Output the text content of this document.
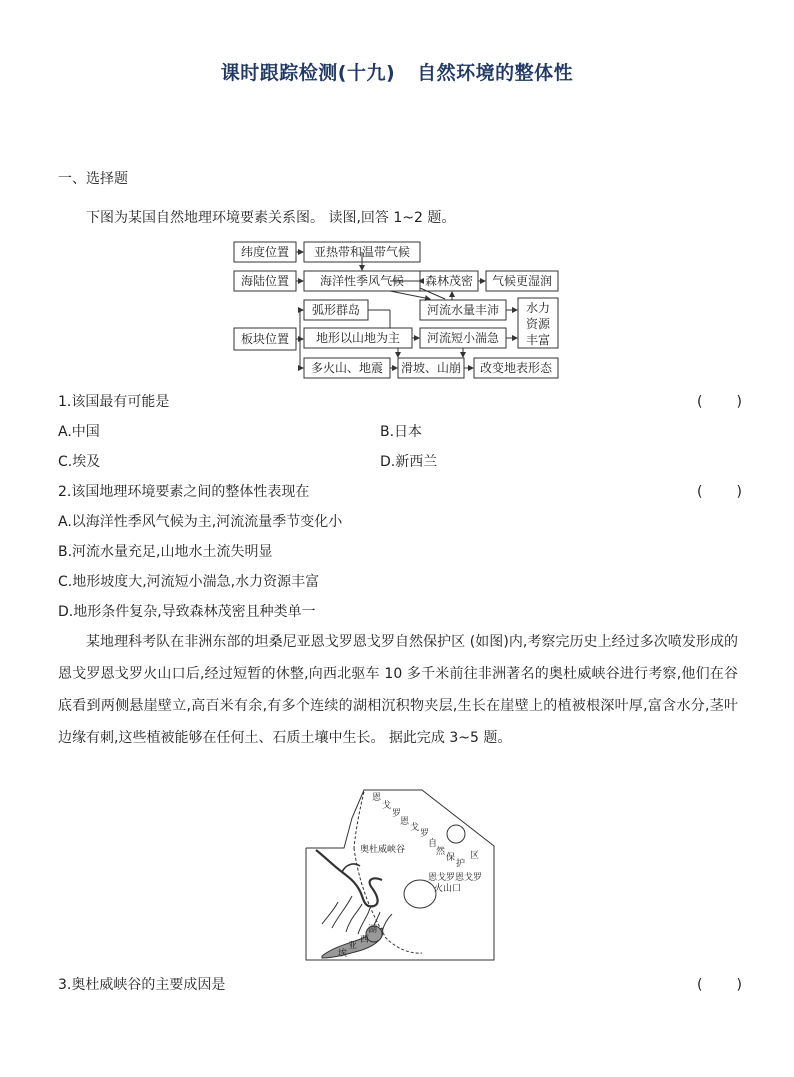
课时跟踪检测(十九) 自然环境的整体性
一、选择题
下图为某国自然地理环境要素关系图。 读图,回答 1~2 题。
纬度位置 亚热带和温带气候
海陆位置	海洋性季风气候 森林茂密 气候更湿润
弧形群岛	河流水量丰沛 水力
资源
丰富
板块位置 地形以山地为主 河流短小湍急
多火山、地震 滑坡、山崩 改变地表形态
1.该国最有可能是	(　　)
A.中国	B.日本
C.埃及	D.新西兰
2.该国地理环境要素之间的整体性表现在	(　　)
A.以海洋性季风气候为主,河流流量季节变化小
B.河流水量充足,山地水土流失明显
C.地形坡度大,河流短小湍急,水力资源丰富
D.地形条件复杂,导致森林茂密且种类单一
某地理科考队在非洲东部的坦桑尼亚恩戈罗恩戈罗自然保护区 (如图)内,考察完历史上经过多次喷发形成的恩戈罗恩戈罗火山口后,经过短暂的休整,向西北驱车 10 多千米前往非洲著名的奥杜威峡谷进行考察,他们在谷底看到两侧悬崖壁立,高百米有余,有多个连续的湖相沉积物夹层,生长在崖壁上的植被根深叶厚,富含水分,茎叶边缘有刺,这些植被能够在任何土、石质土壤中生长。 据此完成 3~5 题。
恩
戈
罗
恩
戈
罗
自
然
保
护
区
奥杜威峡谷
恩戈罗恩戈罗
火山口
湖
西
亚
埃
3.奥杜威峡谷的主要成因是	(　　)
